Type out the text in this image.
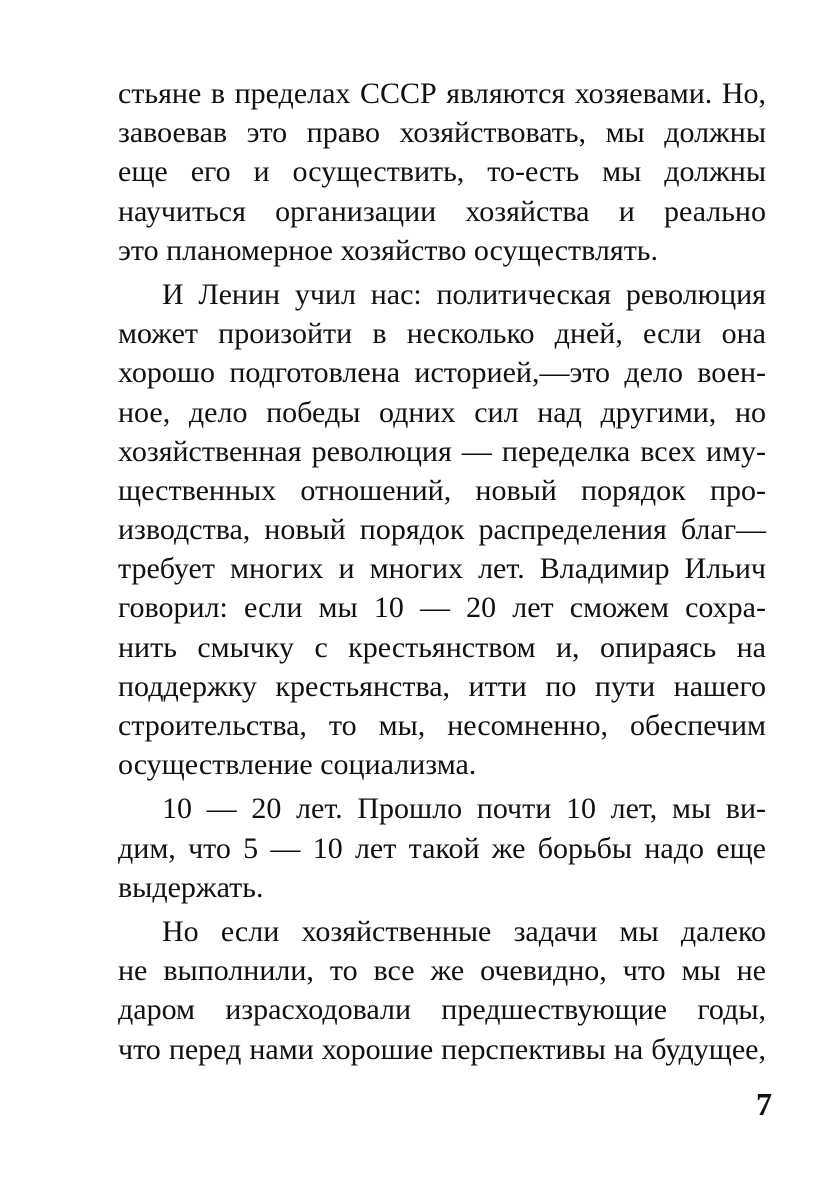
стьяне в пределах СССР являются хозяевами. Но,
завоевав это право хозяйствовать, мы должны
еще его и осуществить, то-есть мы должны
научиться организации хозяйства и реально
это планомерное хозяйство осуществлять.
И Ленин учил нас: политическая революция
может произойти в несколько дней, если она
хорошо подготовлена историей,—это дело воен-
ное, дело победы одних сил над другими, но
хозяйственная революция — переделка всех иму-
щественных отношений, новый порядок про-
изводства, новый порядок распределения благ—
требует многих и многих лет. Владимир Ильич
говорил: если мы 10 — 20 лет сможем сохра-
нить смычку с крестьянством и, опираясь на
поддержку крестьянства, итти по пути нашего
строительства, то мы, несомненно, обеспечим
осуществление социализма.
10 — 20 лет. Прошло почти 10 лет, мы ви-
дим, что 5 — 10 лет такой же борьбы надо еще
выдержать.
Но если хозяйственные задачи мы далеко
не выполнили, то все же очевидно, что мы не
даром израсходовали предшествующие годы,
что перед нами хорошие перспективы на будущее,
7
